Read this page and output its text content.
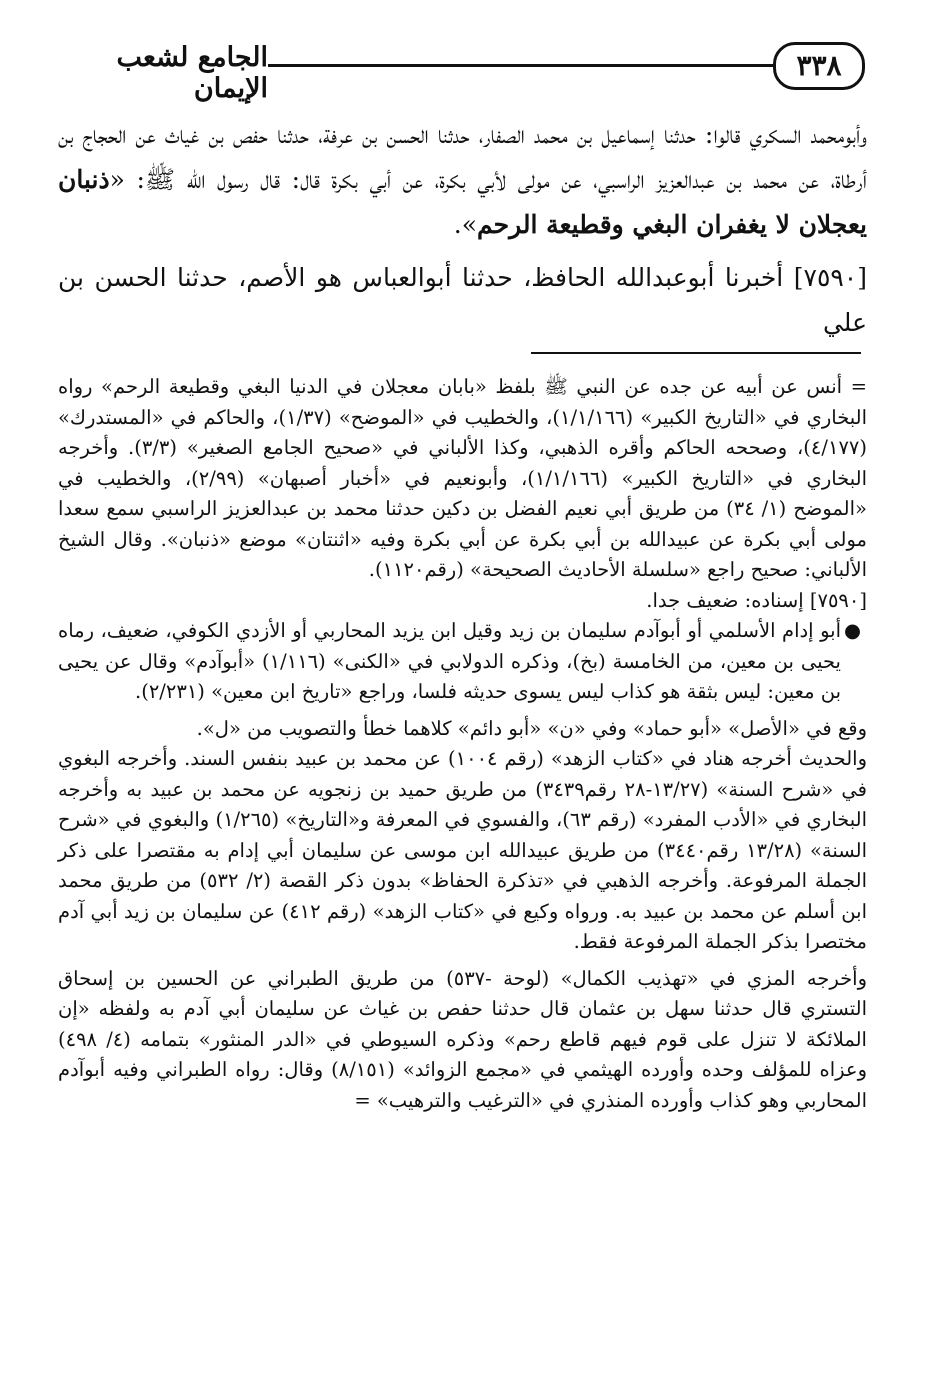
٣٣٨
الجامع لشعب الإيمان

وأبومحمد السكري قالوا: حدثنا إسماعيل بن محمد الصفار، حدثنا الحسن بن عرفة، حدثنا حفص بن غياث عن الحجاج بن أرطاة، عن محمد بن عبدالعزيز الراسبي، عن مولى لأبي بكرة، عن أبي بكرة قال: قال رسول الله ﷺ: «ذنبان يعجلان لا يغفران البغي وقطيعة الرحم».

[٧٥٩٠] أخبرنا أبوعبدالله الحافظ، حدثنا أبوالعباس هو الأصم، حدثنا الحسن بن علي

= أنس عن أبيه عن جده عن النبي ﷺ بلفظ «بابان معجلان في الدنيا البغي وقطيعة الرحم» رواه البخاري في «التاريخ الكبير» (١/١/١٦٦)، والخطيب في «الموضح» (١/٣٧)، والحاكم في «المستدرك» (٤/١٧٧)، وصححه الحاكم وأقره الذهبي، وكذا الألباني في «صحيح الجامع الصغير» (٣/٣). وأخرجه البخاري في «التاريخ الكبير» (١/١/١٦٦)، وأبونعيم في «أخبار أصبهان» (٢/٩٩)، والخطيب في «الموضح (١/ ٣٤) من طريق أبي نعيم الفضل بن دكين حدثنا محمد بن عبدالعزيز الراسبي سمع سعدا مولى أبي بكرة عن عبيدالله بن أبي بكرة عن أبي بكرة وفيه «اثنتان» موضع «ذنبان». وقال الشيخ الألباني: صحيح راجع «سلسلة الأحاديث الصحيحة» (رقم١١٢٠).

[٧٥٩٠] إسناده: ضعيف جدا.

●
أبو إدام الأسلمي أو أبوآدم سليمان بن زيد وقيل ابن يزيد المحاربي أو الأزدي الكوفي، ضعيف، رماه يحيى بن معين، من الخامسة (بخ)، وذكره الدولابي في «الكنى» (١/١١٦) «أبوآدم» وقال عن يحيى بن معين: ليس بثقة هو كذاب ليس يسوى حديثه فلسا، وراجع «تاريخ ابن معين» (٢/٢٣١).

وقع في «الأصل» «أبو حماد» وفي «ن» «أبو دائم» كلاهما خطأ والتصويب من «ل».

والحديث أخرجه هناد في «كتاب الزهد» (رقم ١٠٠٤) عن محمد بن عبيد بنفس السند. وأخرجه البغوي في «شرح السنة» (١٣/٢٧-٢٨ رقم٣٤٣٩) من طريق حميد بن زنجويه عن محمد بن عبيد به وأخرجه البخاري في «الأدب المفرد» (رقم ٦٣)، والفسوي في المعرفة و«التاريخ» (١/٢٦٥) والبغوي في «شرح السنة» (١٣/٢٨ رقم٣٤٤٠) من طريق عبيدالله ابن موسى عن سليمان أبي إدام به مقتصرا على ذكر الجملة المرفوعة. وأخرجه الذهبي في «تذكرة الحفاظ» بدون ذكر القصة (٢/ ٥٣٢) من طريق محمد ابن أسلم عن محمد بن عبيد به. ورواه وكيع في «كتاب الزهد» (رقم ٤١٢) عن سليمان بن زيد أبي آدم مختصرا بذكر الجملة المرفوعة فقط.

وأخرجه المزي في «تهذيب الكمال» (لوحة -٥٣٧) من طريق الطبراني عن الحسين بن إسحاق التستري قال حدثنا سهل بن عثمان قال حدثنا حفص بن غياث عن سليمان أبي آدم به ولفظه «إن الملائكة لا تنزل على قوم فيهم قاطع رحم» وذكره السيوطي في «الدر المنثور» بتمامه (٤/ ٤٩٨) وعزاه للمؤلف وحده وأورده الهيثمي في «مجمع الزوائد» (٨/١٥١) وقال: رواه الطبراني وفيه أبوآدم المحاربي وهو كذاب وأورده المنذري في «الترغيب والترهيب» =
